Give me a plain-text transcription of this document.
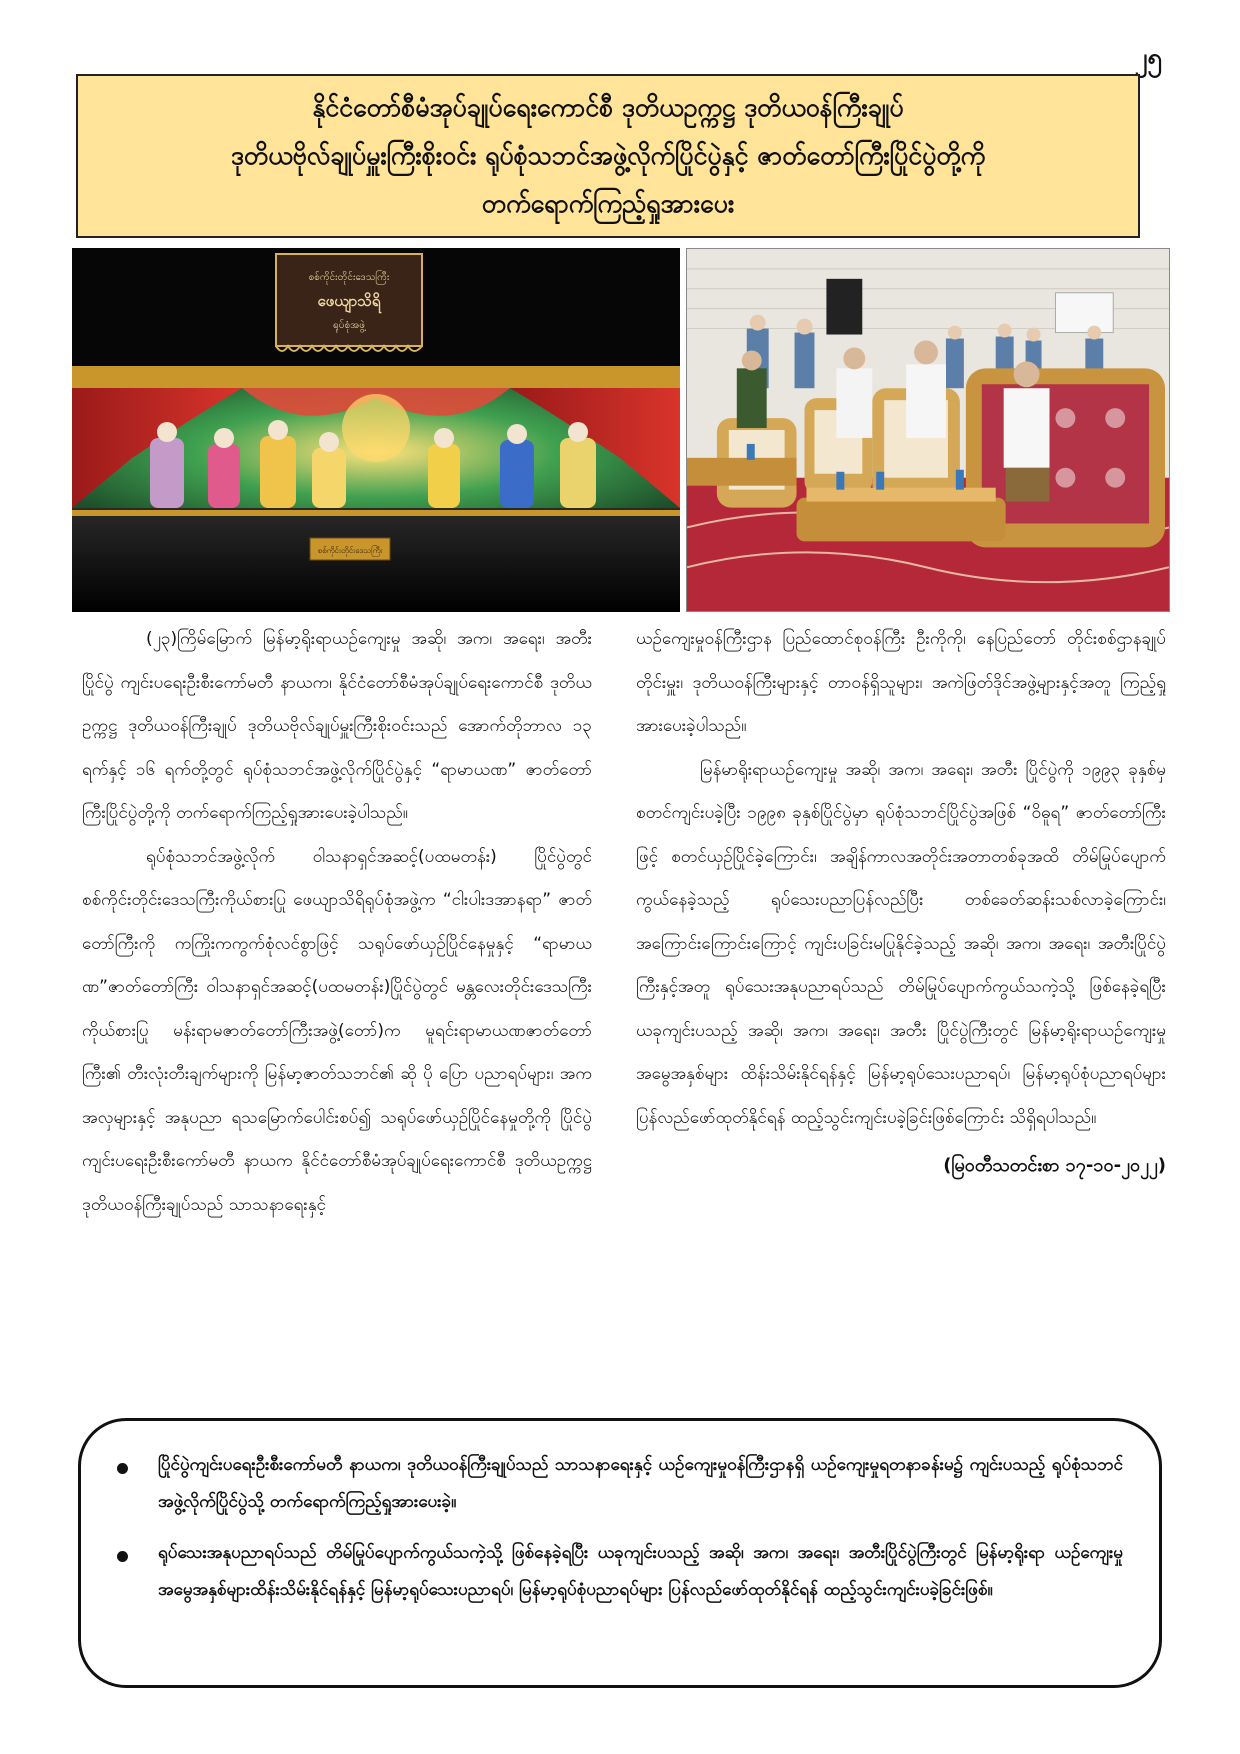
၂၅
နိုင်ငံတော်စီမံအုပ်ချုပ်ရေးကောင်စီ ဒုတိယဥက္ကဋ္ဌ ဒုတိယဝန်ကြီးချုပ်
ဒုတိယဗိုလ်ချုပ်မှူးကြီးစိုးဝင်း ရုပ်စုံသဘင်အဖွဲ့လိုက်ပြိုင်ပွဲနှင့် ဇာတ်တော်ကြီးပြိုင်ပွဲတို့ကို
တက်ရောက်ကြည့်ရှုအားပေး
စစ်ကိုင်းတိုင်းဒေသကြီး
ဖေယျာသိရိ
ရုပ်စုံအဖွဲ့
စစ်ကိုင်းတိုင်းဒေသကြီး

(၂၃)ကြိမ်မြောက် မြန်မာ့ရိုးရာယဉ်ကျေးမှု အဆို၊ အက၊ အရေး၊ အတီး ပြိုင်ပွဲ ကျင်းပရေးဦးစီးကော်မတီ နာယက၊ နိုင်ငံတော်စီမံအုပ်ချုပ်ရေးကောင်စီ ဒုတိယဥက္ကဋ္ဌ ဒုတိယဝန်ကြီးချုပ် ဒုတိယဗိုလ်ချုပ်မှူးကြီးစိုးဝင်းသည် အောက်တိုဘာလ ၁၃ ရက်နှင့် ၁၆ ရက်တို့တွင် ရုပ်စုံသဘင်အဖွဲ့လိုက်ပြိုင်ပွဲနှင့် “ရာမာယဏ” ဇာတ်တော်ကြီးပြိုင်ပွဲတို့ကို တက်ရောက်ကြည့်ရှုအားပေးခဲ့ပါသည်။

ရုပ်စုံသဘင်အဖွဲ့လိုက် ဝါသနာရှင်အဆင့်(ပထမတန်း) ပြိုင်ပွဲတွင် စစ်ကိုင်းတိုင်းဒေသကြီးကိုယ်စားပြု ဖေယျာသိရိရုပ်စုံအဖွဲ့က “ငါးပါးဒအာနရာ” ဇာတ်တော်ကြီးကို ကကြိုးကကွက်စုံလင်စွာဖြင့် သရုပ်ဖော်ယှဉ်ပြိုင်နေမှုနှင့် “ရာမာယဏ”ဇာတ်တော်ကြီး ဝါသနာရှင်အဆင့်(ပထမတန်း)ပြိုင်ပွဲတွင် မန္တလေးတိုင်းဒေသကြီးကိုယ်စားပြု မန်းရာမဇာတ်တော်ကြီးအဖွဲ့(တော်)က မူရင်းရာမာယဏဇာတ်တော်ကြီး၏ တီးလုံးတီးချက်များကို မြန်မာ့ဇာတ်သဘင်၏ ဆို ပို ပြော ပညာရပ်များ၊ အကအလှများနှင့် အနုပညာ ရသမြောက်ပေါင်းစပ်၍ သရုပ်ဖော်ယှဉ်ပြိုင်နေမှုတို့ကို ပြိုင်ပွဲကျင်းပရေးဦးစီးကော်မတီ နာယက နိုင်ငံတော်စီမံအုပ်ချုပ်ရေးကောင်စီ ဒုတိယဥက္ကဋ္ဌ ဒုတိယဝန်ကြီးချုပ်သည် သာသနာရေးနှင့်

ယဉ်ကျေးမှုဝန်ကြီးဌာန ပြည်ထောင်စုဝန်ကြီး ဦးကိုကို၊ နေပြည်တော် တိုင်းစစ်ဌာနချုပ်တိုင်းမှူး၊ ဒုတိယဝန်ကြီးများနှင့် တာဝန်ရှိသူများ၊ အကဲဖြတ်ဒိုင်အဖွဲ့များနှင့်အတူ ကြည့်ရှုအားပေးခဲ့ပါသည်။

မြန်မာရိုးရာယဉ်ကျေးမှု အဆို၊ အက၊ အရေး၊ အတီး ပြိုင်ပွဲကို ၁၉၉၃ ခုနှစ်မှ စတင်ကျင်းပခဲ့ပြီး ၁၉၉၈ ခုနှစ်ပြိုင်ပွဲမှာ ရုပ်စုံသဘင်ပြိုင်ပွဲအဖြစ် “ဝိဓူရ” ဇာတ်တော်ကြီးဖြင့် စတင်ယှဉ်ပြိုင်ခဲ့ကြောင်း၊ အချိန်ကာလအတိုင်းအတာတစ်ခုအထိ တိမ်မြုပ်ပျောက်ကွယ်နေခဲ့သည့် ရုပ်သေးပညာပြန်လည်ပြီး တစ်ခေတ်ဆန်းသစ်လာခဲ့ကြောင်း၊ အကြောင်းကြောင်းကြောင့် ကျင်းပခြင်းမပြုနိုင်ခဲ့သည့် အဆို၊ အက၊ အရေး၊ အတီးပြိုင်ပွဲကြီးနှင့်အတူ ရုပ်သေးအနုပညာရပ်သည် တိမ်မြုပ်ပျောက်ကွယ်သကဲ့သို့ ဖြစ်နေခဲ့ရပြီး ယခုကျင်းပသည့် အဆို၊ အက၊ အရေး၊ အတီး ပြိုင်ပွဲကြီးတွင် မြန်မာ့ရိုးရာယဉ်ကျေးမှုအမွေအနှစ်များ ထိန်းသိမ်းနိုင်ရန်နှင့် မြန်မာ့ရုပ်သေးပညာရပ်၊ မြန်မာ့ရုပ်စုံပညာရပ်များ ပြန်လည်ဖော်ထုတ်နိုင်ရန် ထည့်သွင်းကျင်းပခဲ့ခြင်းဖြစ်ကြောင်း သိရှိရပါသည်။

(မြဝတီသတင်းစာ ၁၇-၁၀-၂၀၂၂)
ပြိုင်ပွဲကျင်းပရေးဦးစီးကော်မတီ နာယက၊ ဒုတိယဝန်ကြီးချုပ်သည် သာသနာရေးနှင့် ယဉ်ကျေးမှုဝန်ကြီးဌာနရှိ ယဉ်ကျေးမှုရတနာခန်းမ၌ ကျင်းပသည့် ရုပ်စုံသဘင်အဖွဲ့လိုက်ပြိုင်ပွဲသို့ တက်ရောက်ကြည့်ရှုအားပေးခဲ့။
ရုပ်သေးအနုပညာရပ်သည် တိမ်မြုပ်ပျောက်ကွယ်သကဲ့သို့ ဖြစ်နေခဲ့ရပြီး ယခုကျင်းပသည့် အဆို၊ အက၊ အရေး၊ အတီးပြိုင်ပွဲကြီးတွင် မြန်မာ့ရိုးရာ ယဉ်ကျေးမှုအမွေအနှစ်များထိန်းသိမ်းနိုင်ရန်နှင့် မြန်မာ့ရုပ်သေးပညာရပ်၊ မြန်မာ့ရုပ်စုံပညာရပ်များ ပြန်လည်ဖော်ထုတ်နိုင်ရန် ထည့်သွင်းကျင်းပခဲ့ခြင်းဖြစ်။
